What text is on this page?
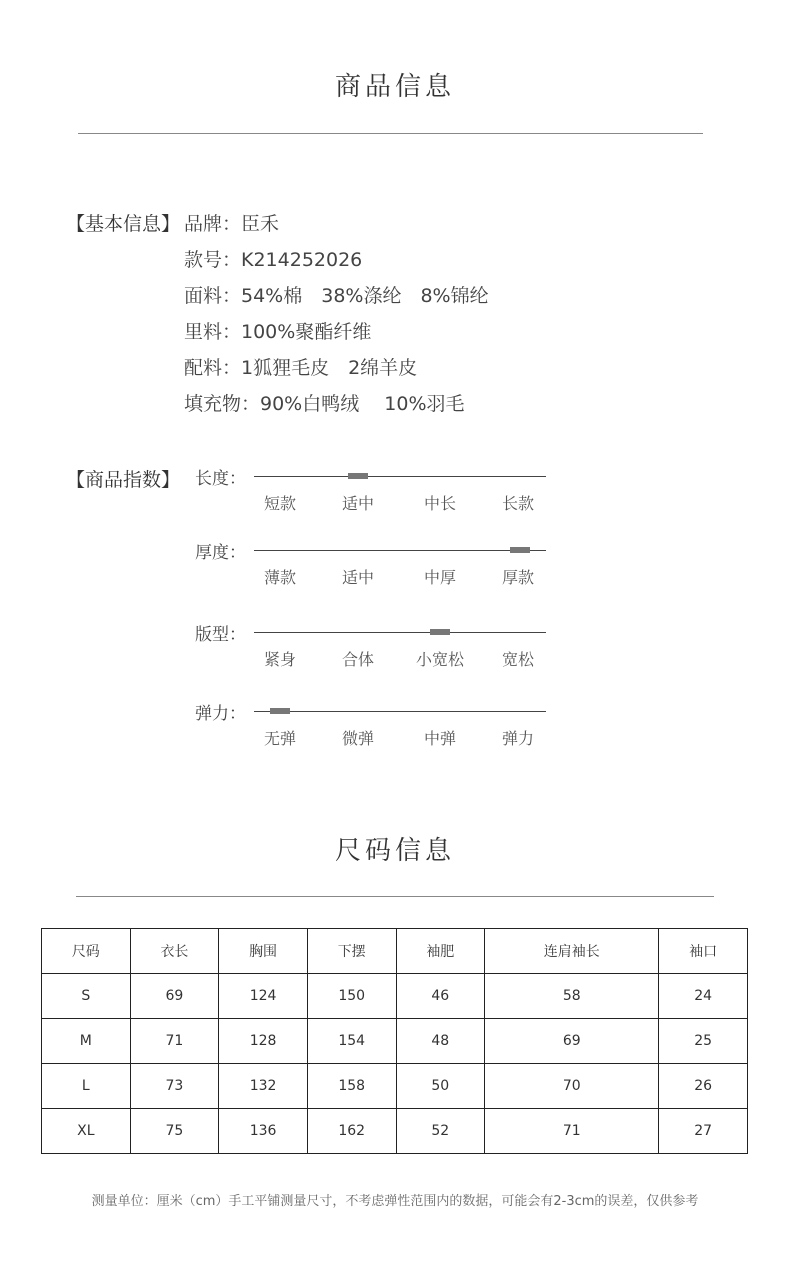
商品信息
【基本信息】 品牌：臣禾
款号：K214252026
面料：54%棉　38%涤纶　8%锦纶
里料：100%聚酯纤维
配料：1狐狸毛皮　2绵羊皮
填充物：90%白鸭绒　 10%羽毛
【商品指数】 长度：
短款	适中	中长	长款
厚度：
薄款	适中	中厚	厚款
版型：
紧身	合体	小宽松	宽松
弹力：
无弹	微弹	中弹	弹力
尺码信息
尺码	衣长	胸围	下摆	袖肥	连肩袖长	袖口
S	69	124	150	46	58	24
M	71	128	154	48	69	25
L	73	132	158	50	70	26
XL	75	136	162	52	71	27
测量单位：厘米（cm）手工平铺测量尺寸，不考虑弹性范围内的数据，可能会有2-3cm的误差，仅供参考
